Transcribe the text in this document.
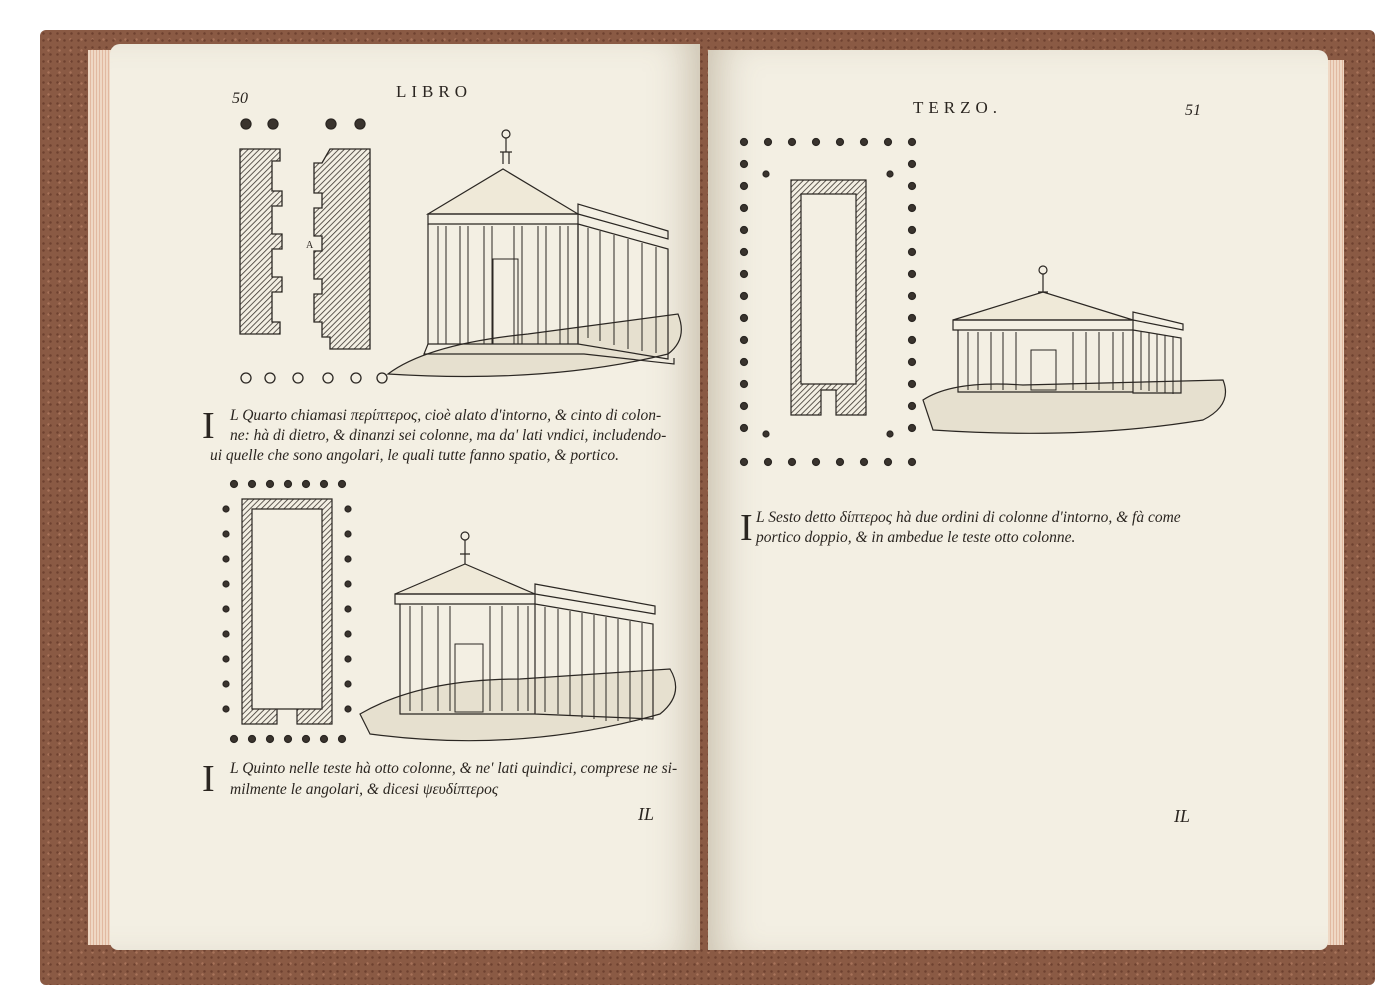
50	LIBRO
A
I L Quarto chiamasi περίπτερος, cioè alato d'intorno, & cinto di colon-
ne: hà di dietro, & dinanzi sei colonne, ma da' lati vndici, includendo-
ui quelle che sono angolari, le quali tutte fanno spatio, & portico.
I L Quinto nelle teste hà otto colonne, & ne' lati quindici, comprese ne si-
milmente le angolari, & dicesi ψευδίπτερος
IL
TERZO.	51
I L Sesto detto δίπτερος hà due ordini di colonne d'intorno, & fà come
portico doppio, & in ambedue le teste otto colonne.
IL
